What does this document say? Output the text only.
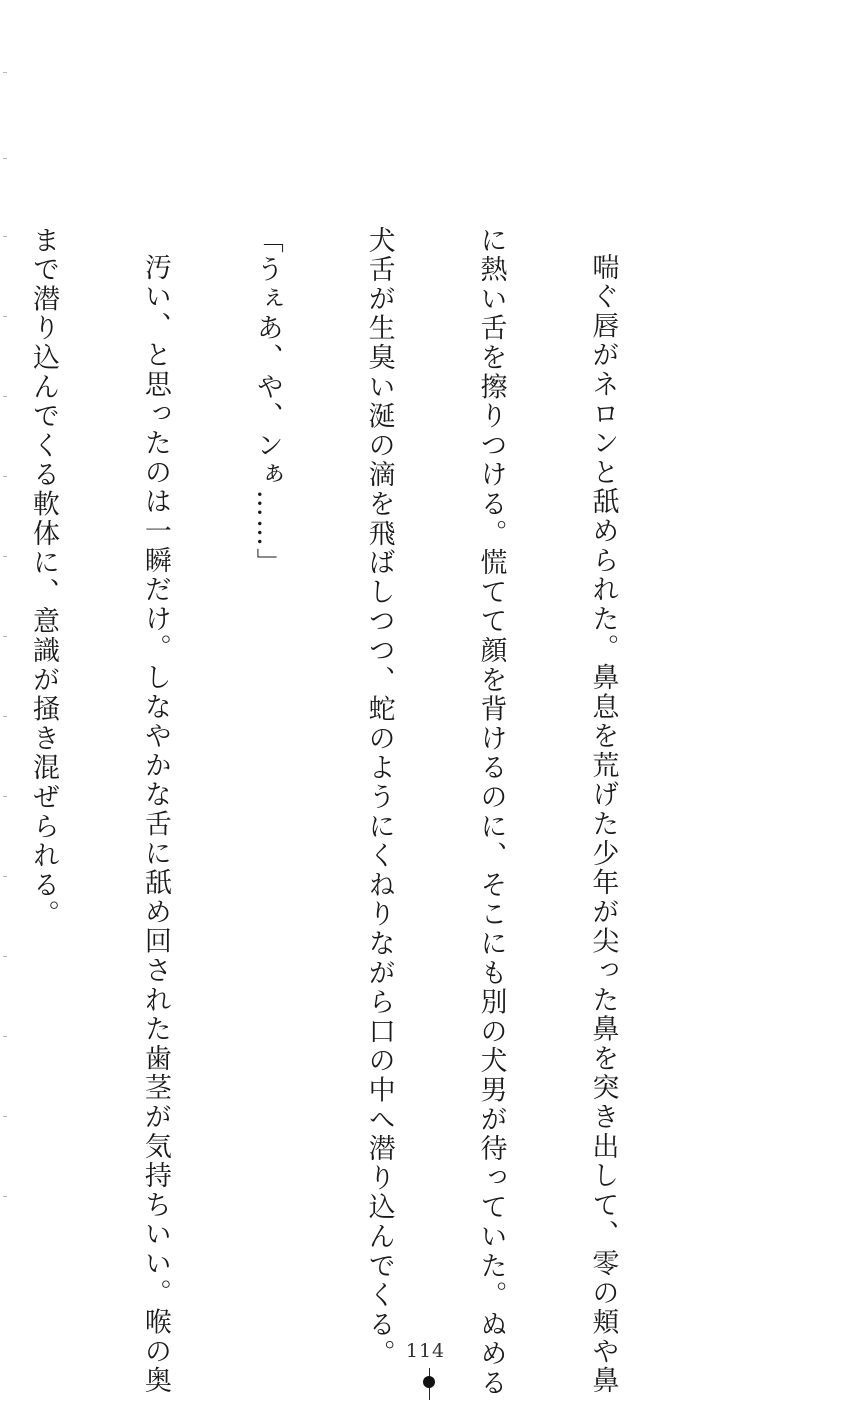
喘ぐ唇がネロンと舐められた。鼻息を荒げた少年が尖った鼻を突き出して、零の頬や鼻

に熱い舌を擦りつける。慌てて顔を背けるのに、そこにも別の犬男が待っていた。ぬめる

犬舌が生臭い涎の滴を飛ばしつつ、蛇のようにくねりながら口の中へ潜り込んでくる。

「うぇあ、や、ンぁ……」

汚い、と思ったのは一瞬だけ。しなやかな舌に舐め回された歯茎が気持ちいい。喉の奥

まで潜り込んでくる軟体に、意識が掻き混ぜられる。

114
